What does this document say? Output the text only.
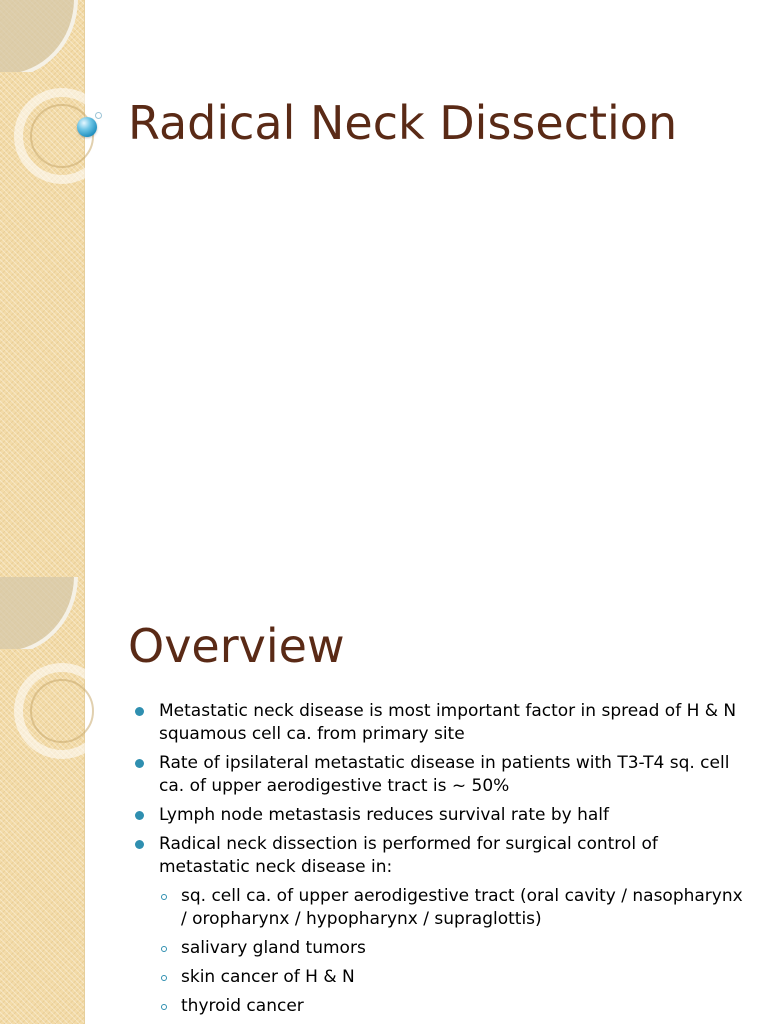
Radical Neck Dissection
Overview
Metastatic neck disease is most important factor in spread of H & N squamous cell ca. from primary site
Rate of ipsilateral metastatic disease in patients with T3-T4 sq. cell ca. of upper aerodigestive tract is ~ 50%
Lymph node metastasis reduces survival rate by half
Radical neck dissection is performed for surgical control of metastatic neck disease in:
sq. cell ca. of upper aerodigestive tract (oral cavity / nasopharynx / oropharynx / hypopharynx / supraglottis)
salivary gland tumors
skin cancer of H & N
thyroid cancer
